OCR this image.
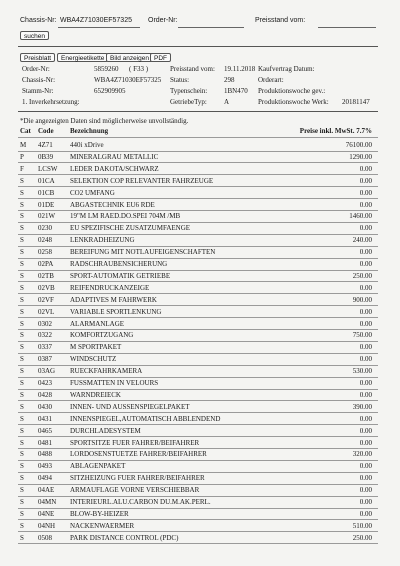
Chassis-Nr: WBA4Z71030EF57325 Order-Nr:	Preisstand vom:
suchen
Preisblatt	Energieetikette Bild anzeigen PDF
Order-Nr:	5859260 ( F33 )	Preisstand vom: 19.11.2018 Kaufvertrag Datum:
Chassis-Nr:	WBA4Z71030EF57325 Status:	298	Orderart:
Stamm-Nr:	652909905	Typenschein: 1BN470 Produktionswoche gev.:
1. Inverkehrsetzung:	GetriebeTyp: A	Produktionswoche Werk: 20181147
*Die angezeigten Daten sind möglicherweise unvollständig.
Cat Code Bezeichnung	Preise inkl. MwSt. 7.7%
M 4Z71 440i xDrive	76100.00
P 0B39 MINERALGRAU METALLIC	1290.00
F LCSW LEDER DAKOTA/SCHWARZ	0.00
S 01CA SELEKTION COP RELEVANTER FAHRZEUGE	0.00
S 01CB CO2 UMFANG	0.00
S 01DE ABGASTECHNIK EU6 RDE	0.00
S 021W 19"M LM RAED.DO.SPEI 704M /MB	1460.00
S 0230	EU SPEZIFISCHE ZUSATZUMFAENGE	0.00
S 0248	LENKRADHEIZUNG	240.00
S 0258	BEREIFUNG MIT NOTLAUFEIGENSCHAFTEN	0.00
S 02PA RADSCHRAUBENSICHERUNG	0.00
S 02TB SPORT-AUTOMATIK GETRIEBE	250.00
S 02VB REIFENDRUCKANZEIGE	0.00
S 02VF ADAPTIVES M FAHRWERK	900.00
S 02VL VARIABLE SPORTLENKUNG	0.00
S 0302	ALARMANLAGE	0.00
S 0322	KOMFORTZUGANG	750.00
S 0337	M SPORTPAKET	0.00
S 0387	WINDSCHUTZ	0.00
S 03AG RUECKFAHRKAMERA	530.00
S 0423	FUSSMATTEN IN VELOURS	0.00
S 0428	WARNDREIECK	0.00
S 0430	INNEN- UND AUSSENSPIEGELPAKET	390.00
S 0431	INNENSPIEGEL,AUTOMATISCH ABBLENDEND	0.00
S 0465	DURCHLADESYSTEM	0.00
S 0481	SPORTSITZE FUER FAHRER/BEIFAHRER	0.00
S 0488	LORDOSENSTUETZE FAHRER/BEIFAHRER	320.00
S 0493	ABLAGENPAKET	0.00
S 0494	SITZHEIZUNG FUER FAHRER/BEIFAHRER	0.00
S 04AE ARMAUFLAGE VORNE VERSCHIEBBAR	0.00
S 04MN INTERIEURL.ALU.CARBON DU.M.AK.PERL.	0.00
S 04NE BLOW-BY-HEIZER	0.00
S 04NH NACKENWAERMER	510.00
S 0508	PARK DISTANCE CONTROL (PDC)	250.00
